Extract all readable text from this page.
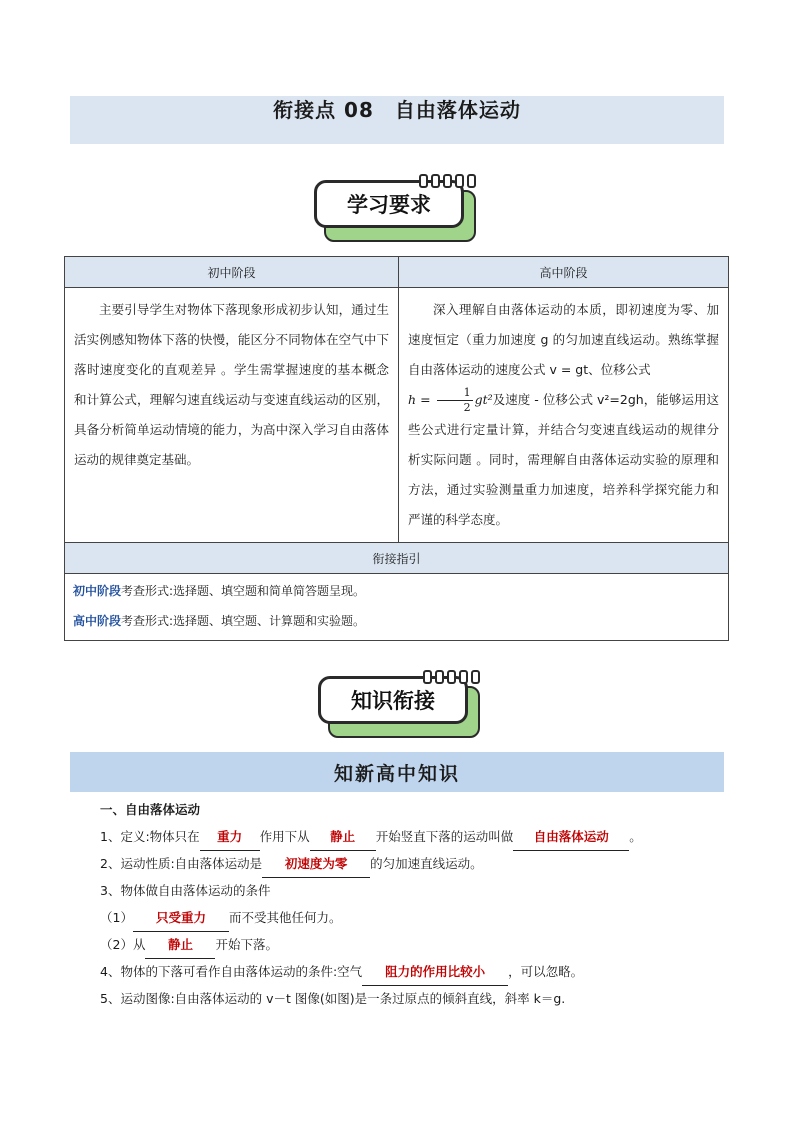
衔接点 08　自由落体运动
学习要求
初中阶段	高中阶段

主要引导学生对物体下落现象形成初步认知，通过生活实例感知物体下落的快慢，能区分不同物体在空气中下落时速度变化的直观差异 。学生需掌握速度的基本概念和计算公式，理解匀速直线运动与变速直线运动的区别，具备分析简单运动情境的能力，为高中深入学习自由落体运动的规律奠定基础。	深入理解自由落体运动的本质，即初速度为零、加速度恒定（重力加速度 g 的匀加速直线运动。熟练掌握自由落体运动的速度公式 v = gt、位移公式
$h = \frac{1}{2} gt^2$及速度 - 位移公式 v²=2gh，能够运用这些公式进行定量计算，并结合匀变速直线运动的规律分析实际问题 。同时，需理解自由落体运动实验的原理和方法，通过实验测量重力加速度，培养科学探究能力和严谨的科学态度。

衔接指引	

初中阶段考查形式:选择题、填空题和简单简答题呈现。
高中阶段考查形式:选择题、填空题、计算题和实验题。	
知识衔接
知新高中知识
一、自由落体运动
1、定义:物体只在 重力 作用下从 静止 开始竖直下落的运动叫做 自由落体运动 。
2、运动性质:自由落体运动是 初速度为零 的匀加速直线运动。
3、物体做自由落体运动的条件
（1） 只受重力 而不受其他任何力。
（2）从 静止 开始下落。
4、物体的下落可看作自由落体运动的条件:空气 阻力的作用比较小 ，可以忽略。
5、运动图像:自由落体运动的 v－t 图像(如图)是一条过原点的倾斜直线，斜率 k＝g.
